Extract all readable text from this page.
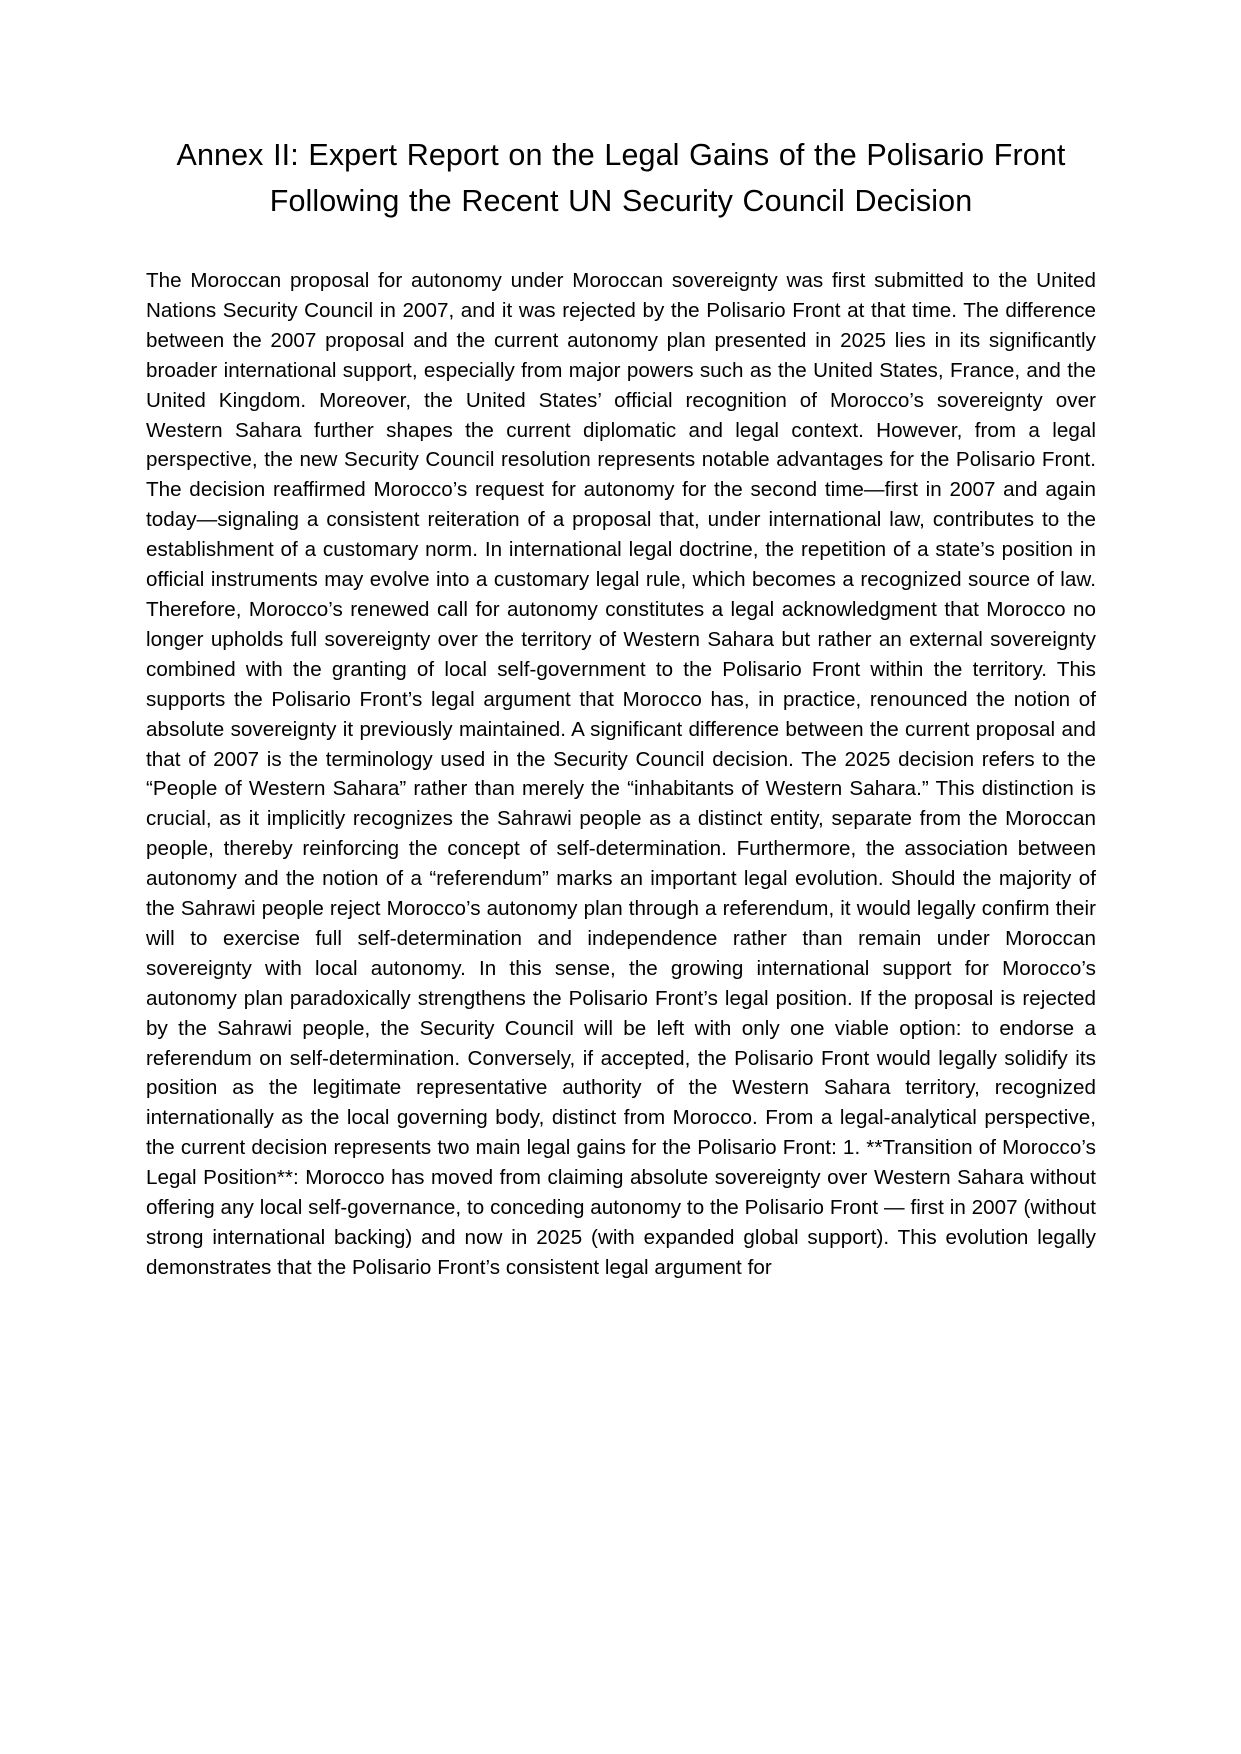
Annex II: Expert Report on the Legal Gains of the Polisario Front Following the Recent UN Security Council Decision

The Moroccan proposal for autonomy under Moroccan sovereignty was first submitted to the United Nations Security Council in 2007, and it was rejected by the Polisario Front at that time. The difference between the 2007 proposal and the current autonomy plan presented in 2025 lies in its significantly broader international support, especially from major powers such as the United States, France, and the United Kingdom. Moreover, the United States’ official recognition of Morocco’s sovereignty over Western Sahara further shapes the current diplomatic and legal context. However, from a legal perspective, the new Security Council resolution represents notable advantages for the Polisario Front. The decision reaffirmed Morocco’s request for autonomy for the second time—first in 2007 and again today—signaling a consistent reiteration of a proposal that, under international law, contributes to the establishment of a customary norm. In international legal doctrine, the repetition of a state’s position in official instruments may evolve into a customary legal rule, which becomes a recognized source of law. Therefore, Morocco’s renewed call for autonomy constitutes a legal acknowledgment that Morocco no longer upholds full sovereignty over the territory of Western Sahara but rather an external sovereignty combined with the granting of local self-government to the Polisario Front within the territory. This supports the Polisario Front’s legal argument that Morocco has, in practice, renounced the notion of absolute sovereignty it previously maintained. A significant difference between the current proposal and that of 2007 is the terminology used in the Security Council decision. The 2025 decision refers to the “People of Western Sahara” rather than merely the “inhabitants of Western Sahara.” This distinction is crucial, as it implicitly recognizes the Sahrawi people as a distinct entity, separate from the Moroccan people, thereby reinforcing the concept of self-determination. Furthermore, the association between autonomy and the notion of a “referendum” marks an important legal evolution. Should the majority of the Sahrawi people reject Morocco’s autonomy plan through a referendum, it would legally confirm their will to exercise full self-determination and independence rather than remain under Moroccan sovereignty with local autonomy. In this sense, the growing international support for Morocco’s autonomy plan paradoxically strengthens the Polisario Front’s legal position. If the proposal is rejected by the Sahrawi people, the Security Council will be left with only one viable option: to endorse a referendum on self-determination. Conversely, if accepted, the Polisario Front would legally solidify its position as the legitimate representative authority of the Western Sahara territory, recognized internationally as the local governing body, distinct from Morocco. From a legal-analytical perspective, the current decision represents two main legal gains for the Polisario Front: 1. **Transition of Morocco’s Legal Position**: Morocco has moved from claiming absolute sovereignty over Western Sahara without offering any local self-governance, to conceding autonomy to the Polisario Front — first in 2007 (without strong international backing) and now in 2025 (with expanded global support). This evolution legally demonstrates that the Polisario Front’s consistent legal argument for
